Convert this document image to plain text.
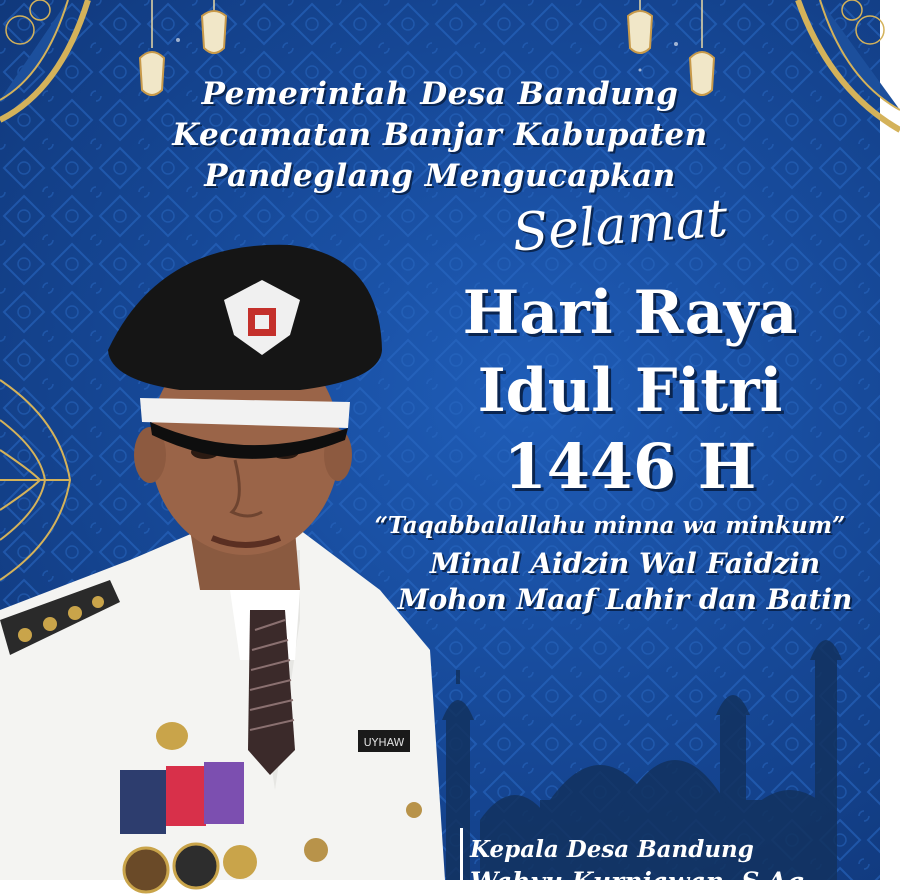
Pemerintah Desa Bandung
Kecamatan Banjar Kabupaten
Pandeglang Mengucapkan
Selamat
Hari Raya
Idul Fitri
1446 H
“Taqabbalallahu minna wa minkum”
Minal Aidzin Wal Faidzin
Mohon Maaf Lahir dan Batin
UYHAW
Kepala Desa Bandung
Wahyu Kurniawan, S.Ag
